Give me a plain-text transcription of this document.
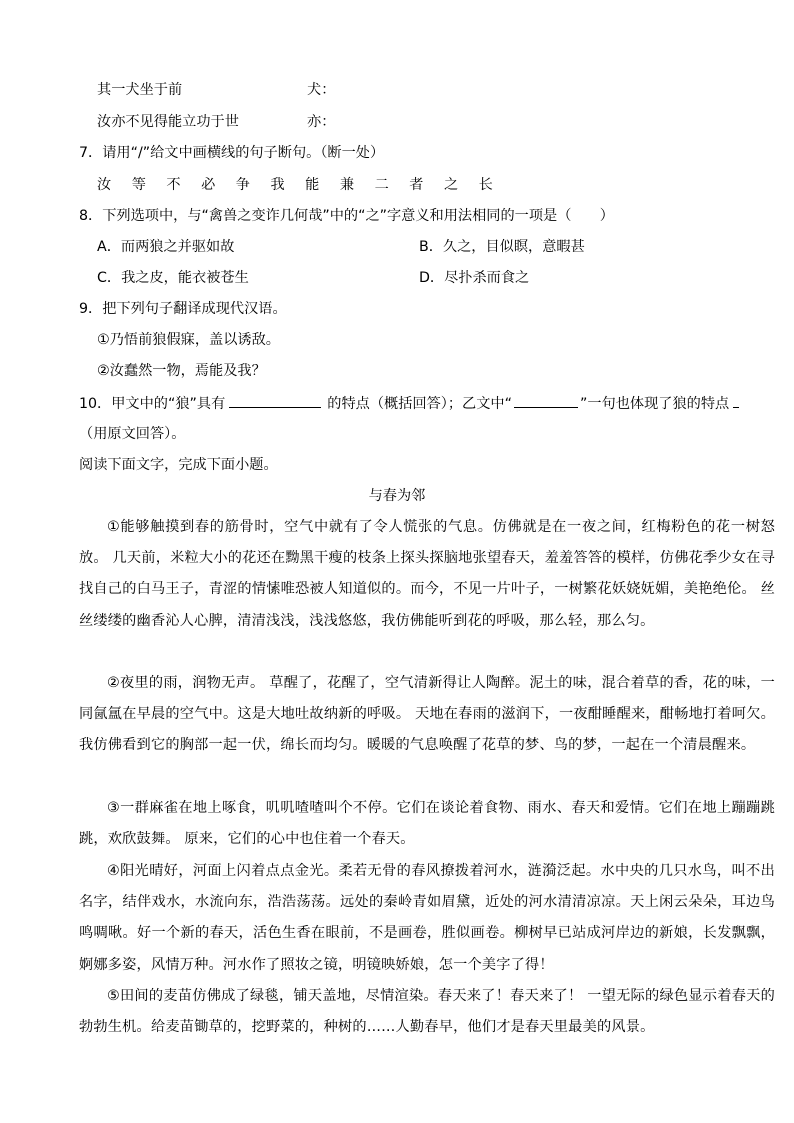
其一犬坐于前	犬：
汝亦不见得能立功于世	亦：
7．请用“/”给文中画横线的句子断句。（断一处）
汝 等 不 必 争 我 能 兼 二 者 之 长
8．下列选项中，与“禽兽之变诈几何哉”中的“之”字意义和用法相同的一项是（　　）
A．而两狼之并驱如故	B．久之，目似瞑，意暇甚
C．我之皮，能衣被苍生	D．尽扑杀而食之
9．把下列句子翻译成现代汉语。
①乃悟前狼假寐，盖以诱敌。
②汝蠢然一物，焉能及我？
10．甲文中的“狼”具有	的特点（概括回答）；乙文中“	”一句也体现了狼的特点
（用原文回答）。
阅读下面文字，完成下面小题。
与春为邻
①能够触摸到春的筋骨时，空气中就有了令人慌张的气息。仿佛就是在一夜之间，红梅粉色的花一树怒放。 几天前，米粒大小的花还在黝黑干瘦的枝条上探头探脑地张望春天，羞羞答答的模样，仿佛花季少女在寻找自己的白马王子，青涩的情愫唯恐被人知道似的。而今，不见一片叶子，一树繁花妖娆妩媚，美艳绝伦。 丝丝缕缕的幽香沁人心脾，清清浅浅，浅浅悠悠，我仿佛能听到花的呼吸，那么轻，那么匀。
②夜里的雨，润物无声。 草醒了，花醒了，空气清新得让人陶醉。泥土的味，混合着草的香，花的味，一同氤氲在早晨的空气中。这是大地吐故纳新的呼吸。 天地在春雨的滋润下，一夜酣睡醒来，酣畅地打着呵欠。 我仿佛看到它的胸部一起一伏，绵长而均匀。暖暖的气息唤醒了花草的梦、鸟的梦，一起在一个清晨醒来。
③一群麻雀在地上啄食，叽叽喳喳叫个不停。它们在谈论着食物、雨水、春天和爱情。它们在地上蹦蹦跳跳，欢欣鼓舞。 原来，它们的心中也住着一个春天。
④阳光晴好，河面上闪着点点金光。柔若无骨的春风撩拨着河水，涟漪泛起。水中央的几只水鸟，叫不出名字，结伴戏水，水流向东，浩浩荡荡。远处的秦岭青如眉黛，近处的河水清清凉凉。天上闲云朵朵，耳边鸟鸣啁啾。好一个新的春天，活色生香在眼前，不是画卷，胜似画卷。柳树早已站成河岸边的新娘，长发飘飘，婀娜多姿，风情万种。河水作了照妆之镜，明镜映娇娘，怎一个美字了得！
⑤田间的麦苗仿佛成了绿毯，铺天盖地，尽情渲染。春天来了！春天来了！ 一望无际的绿色显示着春天的勃勃生机。给麦苗锄草的，挖野菜的，种树的……人勤春早，他们才是春天里最美的风景。
